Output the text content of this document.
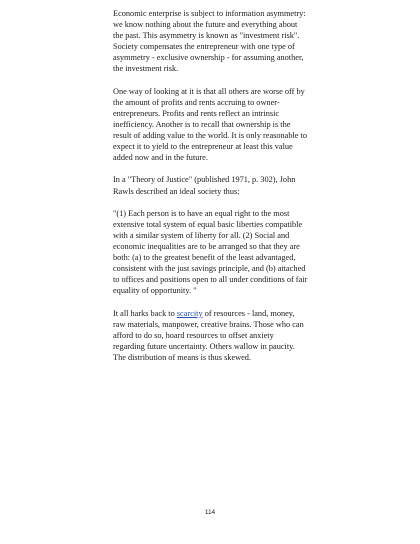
Economic enterprise is subject to information asymmetry:
we know nothing about the future and everything about
the past. This asymmetry is known as "investment risk".
Society compensates the entrepreneur with one type of
asymmetry - exclusive ownership - for assuming another,
the investment risk.

One way of looking at it is that all others are worse off by
the amount of profits and rents accruing to owner-
entrepreneurs. Profits and rents reflect an intrinsic
inefficiency. Another is to recall that ownership is the
result of adding value to the world. It is only reasonable to
expect it to yield to the entrepreneur at least this value
added now and in the future.

In a "Theory of Justice" (published 1971, p. 302), John
Rawls described an ideal society thus:

"(1) Each person is to have an equal right to the most
extensive total system of equal basic liberties compatible
with a similar system of liberty for all. (2) Social and
economic inequalities are to be arranged so that they are
both: (a) to the greatest benefit of the least advantaged,
consistent with the just savings principle, and (b) attached
to offices and positions open to all under conditions of fair
equality of opportunity. "

It all harks back to scarcity of resources - land, money,
raw materials, manpower, creative brains. Those who can
afford to do so, hoard resources to offset anxiety
regarding future uncertainty. Others wallow in paucity.
The distribution of means is thus skewed.

114
